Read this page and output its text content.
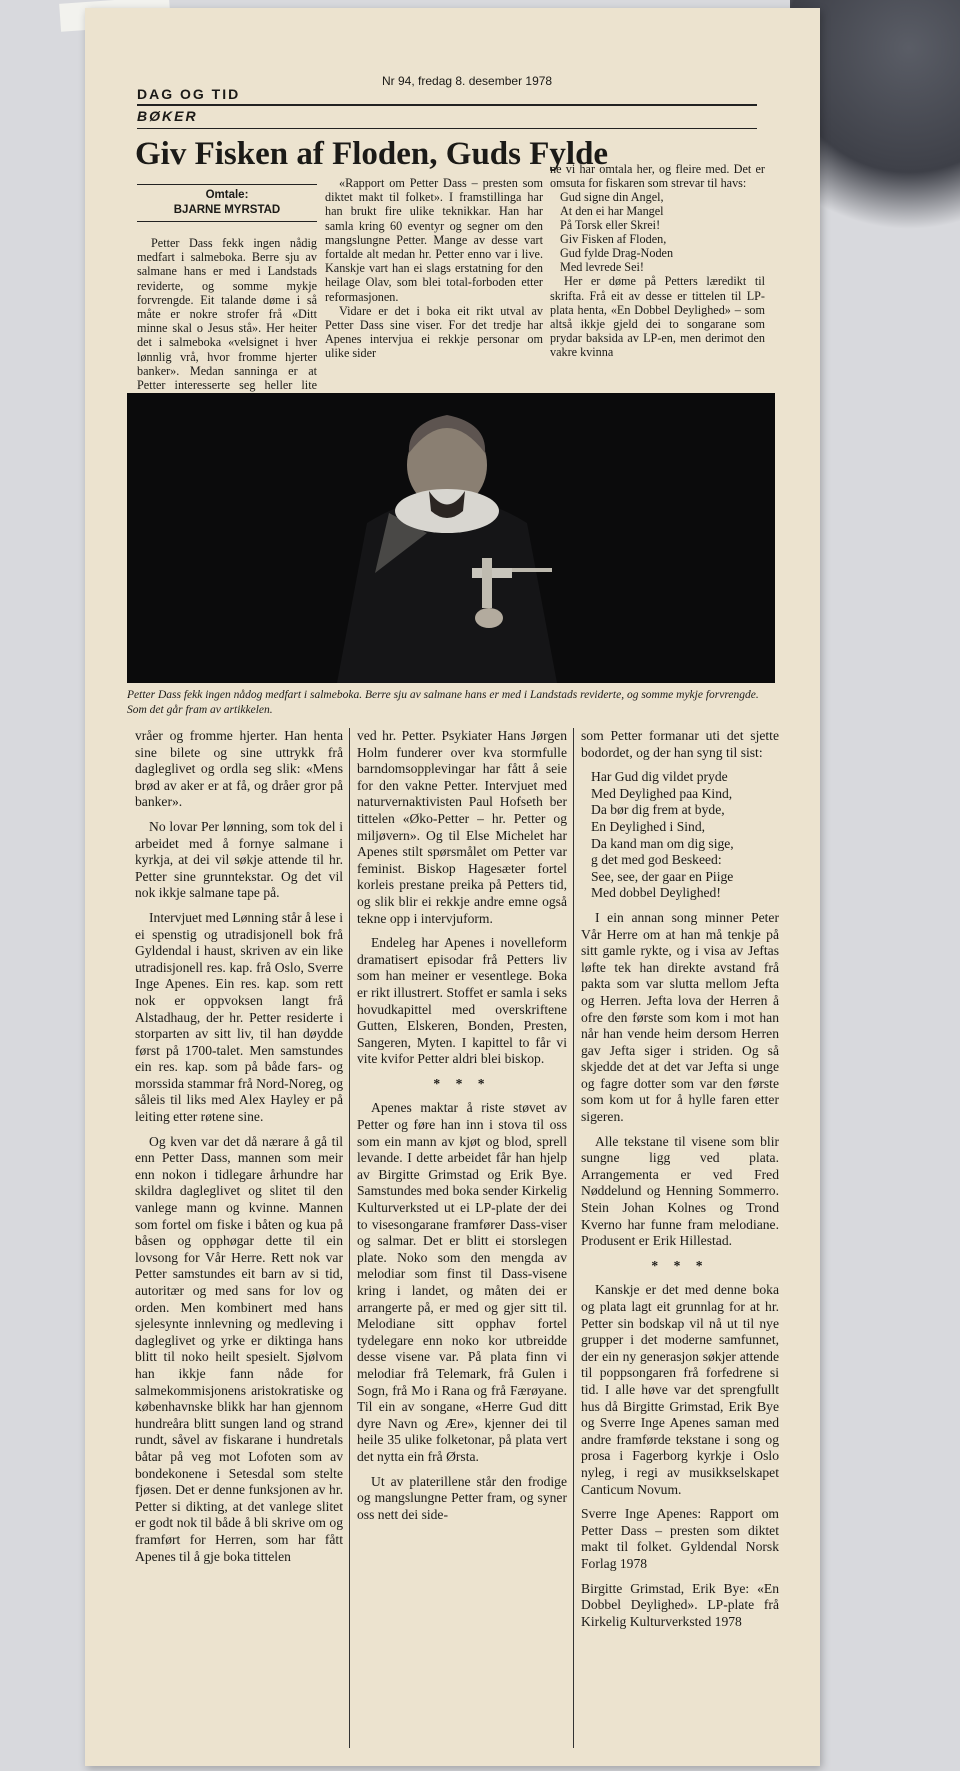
DAG OG TID
Nr 94, fredag 8. desember 1978
BØKER
Giv Fisken af Floden, Guds Fylde
Omtale:
BJARNE MYRSTAD

Petter Dass fekk ingen nådig medfart i salmeboka. Berre sju av salmane hans er med i Landstads reviderte, og somme mykje forvrengde. Eit talande døme i så måte er nokre strofer frå «Ditt minne skal o Jesus stå». Her heiter det i salmeboka «velsignet i hver lønnlig vrå, hvor fromme hjerter banker». Medan sanninga er at Petter interesserte seg heller lite

«Rapport om Petter Dass – presten som diktet makt til folket». I framstillinga har han brukt fire ulike teknikkar. Han har samla kring 60 eventyr og segner om den mangslungne Petter. Mange av desse vart fortalde alt medan hr. Petter enno var i live. Kanskje vart han ei slags erstatning for den heilage Olav, som blei total-forboden etter reformasjonen.

Vidare er det i boka eit rikt utval av Petter Dass sine viser. For det tredje har Apenes intervjua ei rekkje personar om ulike sider

ne vi har omtala her, og fleire med. Det er omsuta for fiskaren som strevar til havs:

Gud signe din Angel,
At den ei har Mangel
På Torsk eller Skrei!
Giv Fisken af Floden,
Gud fylde Drag-Noden
Med levrede Sei!

Her er døme på Petters læredikt til skrifta. Frå eit av desse er tittelen til LP-plata henta, «En Dobbel Deylighed» – som altså ikkje gjeld dei to songarane som prydar baksida av LP-en, men derimot den vakre kvinna

Petter Dass fekk ingen nådog medfart i salmeboka. Berre sju av salmane hans er med i Landstads reviderte, og somme mykje forvrengde. Som det går fram av artikkelen.

vråer og fromme hjerter. Han henta sine bilete og sine uttrykk frå dagleglivet og ordla seg slik: «Mens brød av aker er at få, og dråer gror på banker».

No lovar Per lønning, som tok del i arbeidet med å fornye salmane i kyrkja, at dei vil søkje attende til hr. Petter sine grunntekstar. Og det vil nok ikkje salmane tape på.

Intervjuet med Lønning står å lese i ei spenstig og utradisjonell bok frå Gyldendal i haust, skriven av ein like utradisjonell res. kap. frå Oslo, Sverre Inge Apenes. Ein res. kap. som rett nok er oppvoksen langt frå Alstadhaug, der hr. Petter residerte i storparten av sitt liv, til han døydde først på 1700-talet. Men samstundes ein res. kap. som på både fars- og morssida stammar frå Nord-Noreg, og såleis til liks med Alex Hayley er på leiting etter røtene sine.

Og kven var det då nærare å gå til enn Petter Dass, mannen som meir enn nokon i tidlegare århundre har skildra dagleglivet og slitet til den vanlege mann og kvinne. Mannen som fortel om fiske i båten og kua på båsen og opphøgar dette til ein lovsong for Vår Herre. Rett nok var Petter samstundes eit barn av si tid, autoritær og med sans for lov og orden. Men kombinert med hans sjelesynte innlevning og medleving i dagleglivet og yrke er diktinga hans blitt til noko heilt spesielt. Sjølvom han ikkje fann nåde for salmekommisjonens aristokratiske og københavnske blikk har han gjennom hundreåra blitt sungen land og strand rundt, såvel av fiskarane i hundretals båtar på veg mot Lofoten som av bondekonene i Setesdal som stelte fjøsen. Det er denne funksjonen av hr. Petter si dikting, at det vanlege slitet er godt nok til både å bli skrive om og framført for Herren, som har fått Apenes til å gje boka tittelen

ved hr. Petter. Psykiater Hans Jørgen Holm funderer over kva stormfulle barndomsopplevingar har fått å seie for den vakne Petter. Intervjuet med naturvernaktivisten Paul Hofseth ber tittelen «Øko-Petter – hr. Petter og miljøvern». Og til Else Michelet har Apenes stilt spørsmålet om Petter var feminist. Biskop Hagesæter fortel korleis prestane preika på Petters tid, og slik blir ei rekkje andre emne også tekne opp i intervjuform.

Endeleg har Apenes i novelleform dramatisert episodar frå Petters liv som han meiner er vesentlege. Boka er rikt illustrert. Stoffet er samla i seks hovudkapittel med overskriftene Gutten, Elskeren, Bonden, Presten, Sangeren, Myten. I kapittel to får vi vite kvifor Petter aldri blei biskop.

* * *

Apenes maktar å riste støvet av Petter og føre han inn i stova til oss som ein mann av kjøt og blod, sprell levande. I dette arbeidet får han hjelp av Birgitte Grimstad og Erik Bye. Samstundes med boka sender Kirkelig Kulturverksted ut ei LP-plate der dei to visesongarane framfører Dass-viser og salmar. Det er blitt ei storslegen plate. Noko som den mengda av melodiar som finst til Dass-visene kring i landet, og måten dei er arrangerte på, er med og gjer sitt til. Melodiane sitt opphav fortel tydelegare enn noko kor utbreidde desse visene var. På plata finn vi melodiar frå Telemark, frå Gulen i Sogn, frå Mo i Rana og frå Færøyane. Til ein av songane, «Herre Gud ditt dyre Navn og Ære», kjenner dei til heile 35 ulike folketonar, på plata vert det nytta ein frå Ørsta.

Ut av platerillene står den frodige og mangslungne Petter fram, og syner oss nett dei side-

som Petter formanar uti det sjette bodordet, og der han syng til sist:

Har Gud dig vildet pryde
Med Deylighed paa Kind,
Da bør dig frem at byde,
En Deylighed i Sind,
Da kand man om dig sige,
g det med god Beskeed:
See, see, der gaar en Piige
Med dobbel Deylighed!

I ein annan song minner Peter Vår Herre om at han må tenkje på sitt gamle rykte, og i visa av Jeftas løfte tek han direkte avstand frå pakta som var slutta mellom Jefta og Herren. Jefta lova der Herren å ofre den første som kom i mot han når han vende heim dersom Herren gav Jefta siger i striden. Og så skjedde det at det var Jefta si unge og fagre dotter som var den første som kom ut for å hylle faren etter sigeren.

Alle tekstane til visene som blir sungne ligg ved plata. Arrangementa er ved Fred Nøddelund og Henning Sommerro. Stein Johan Kolnes og Trond Kverno har funne fram melodiane. Produsent er Erik Hillestad.

* * *

Kanskje er det med denne boka og plata lagt eit grunnlag for at hr. Petter sin bodskap vil nå ut til nye grupper i det moderne samfunnet, der ein ny generasjon søkjer attende til poppsongaren frå forfedrene si tid. I alle høve var det sprengfullt hus då Birgitte Grimstad, Erik Bye og Sverre Inge Apenes saman med andre framførde tekstane i song og prosa i Fagerborg kyrkje i Oslo nyleg, i regi av musikkselskapet Canticum Novum.

Sverre Inge Apenes: Rapport om Petter Dass – presten som diktet makt til folket. Gyldendal Norsk Forlag 1978

Birgitte Grimstad, Erik Bye: «En Dobbel Deylighed». LP-plate frå Kirkelig Kulturverksted 1978
